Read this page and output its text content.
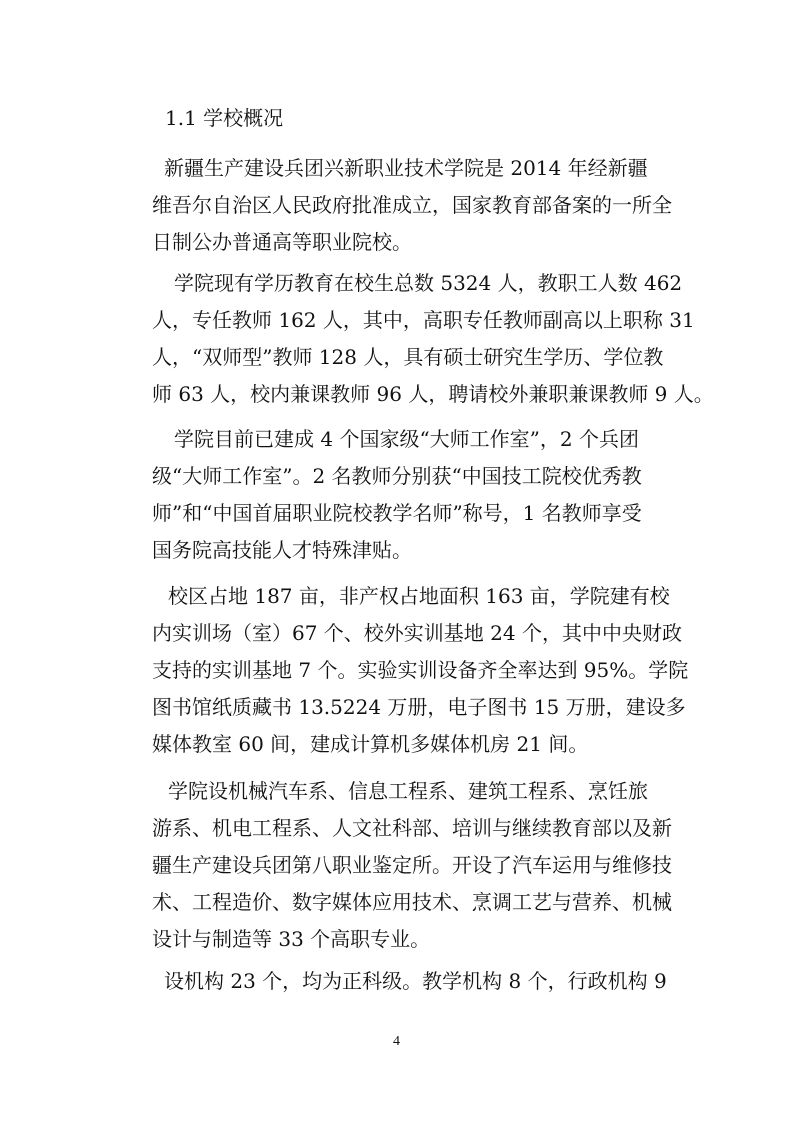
1.1 学校概况
新疆生产建设兵团兴新职业技术学院是 2014 年经新疆
维吾尔自治区人民政府批准成立，国家教育部备案的一所全
日制公办普通高等职业院校。
学院现有学历教育在校生总数 5324 人，教职工人数 462
人，专任教师 162 人，其中，高职专任教师副高以上职称 31
人，“双师型”教师 128 人，具有硕士研究生学历、学位教
师 63 人，校内兼课教师 96 人，聘请校外兼职兼课教师 9 人。
学院目前已建成 4 个国家级“大师工作室”，2 个兵团
级“大师工作室”。2 名教师分别获“中国技工院校优秀教
师”和“中国首届职业院校教学名师”称号，1 名教师享受
国务院高技能人才特殊津贴。
校区占地 187 亩，非产权占地面积 163 亩，学院建有校
内实训场（室）67 个、校外实训基地 24 个，其中中央财政
支持的实训基地 7 个。实验实训设备齐全率达到 95%。学院
图书馆纸质藏书 13.5224 万册，电子图书 15 万册，建设多
媒体教室 60 间，建成计算机多媒体机房 21 间。
学院设机械汽车系、信息工程系、建筑工程系、烹饪旅
游系、机电工程系、人文社科部、培训与继续教育部以及新
疆生产建设兵团第八职业鉴定所。开设了汽车运用与维修技
术、工程造价、数字媒体应用技术、烹调工艺与营养、机械
设计与制造等 33 个高职专业。
设机构 23 个，均为正科级。教学机构 8 个，行政机构 9
4
